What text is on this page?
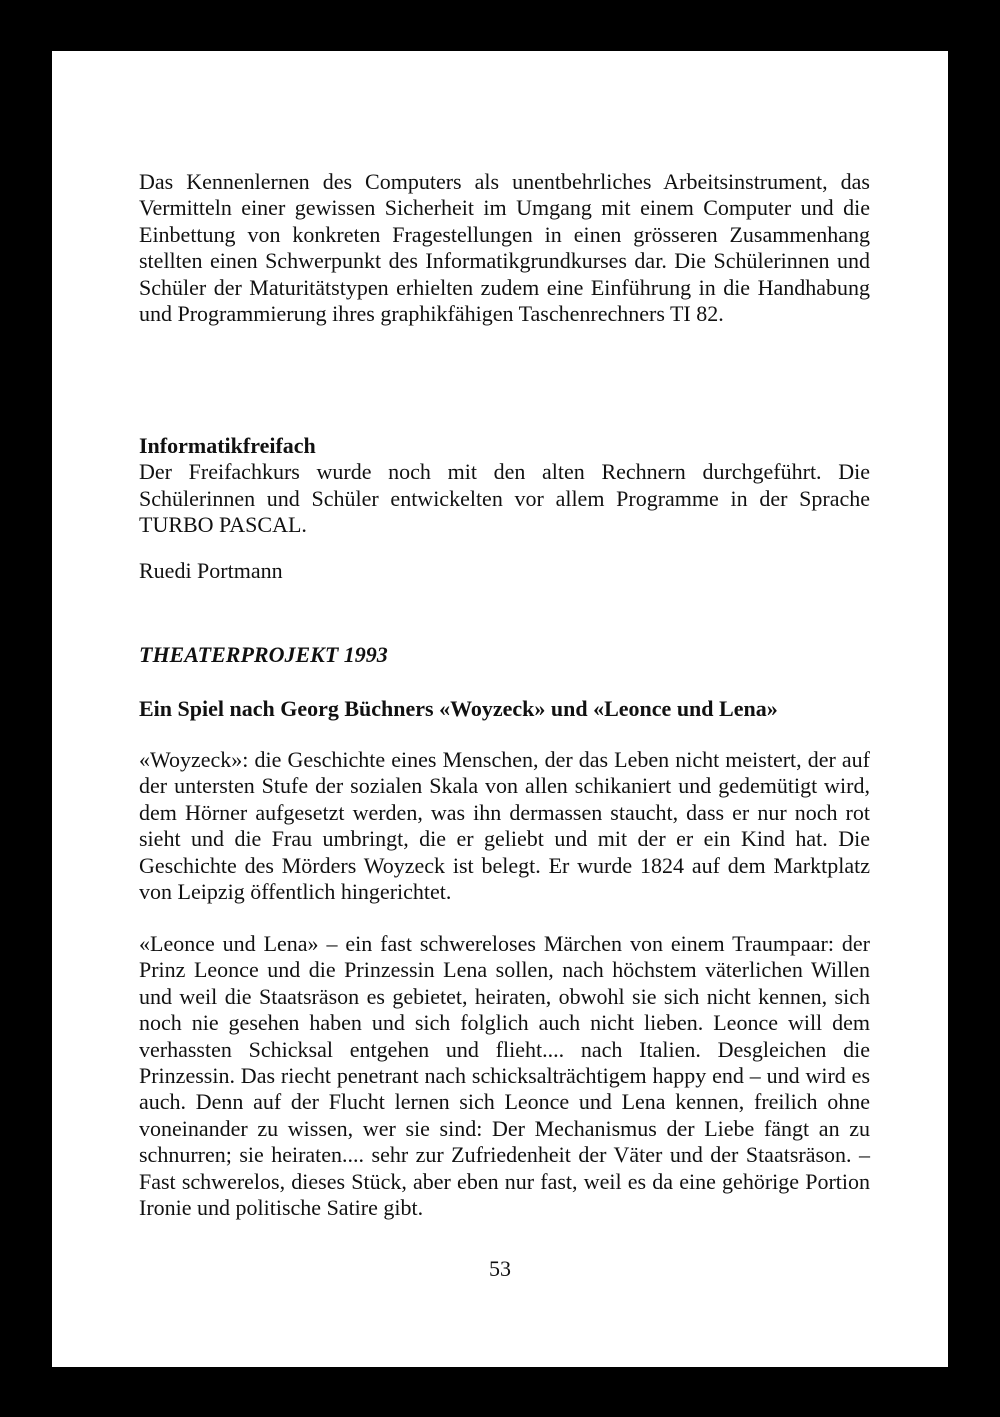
Das Kennenlernen des Computers als unentbehrliches Arbeitsinstrument, das Vermitteln einer gewissen Sicherheit im Umgang mit einem Computer und die Einbettung von konkreten Fragestellungen in einen grösseren Zusammenhang stellten einen Schwerpunkt des Informatikgrundkurses dar. Die Schülerinnen und Schüler der Maturitätstypen erhielten zudem eine Einführung in die Handhabung und Programmierung ihres graphikfähigen Taschenrechners TI 82.

Informatikfreifach

Der Freifachkurs wurde noch mit den alten Rechnern durchgeführt. Die Schülerinnen und Schüler entwickelten vor allem Programme in der Sprache TURBO PASCAL.

Ruedi Portmann

THEATERPROJEKT 1993

Ein Spiel nach Georg Büchners «Woyzeck» und «Leonce und Lena»

«Woyzeck»: die Geschichte eines Menschen, der das Leben nicht meistert, der auf der untersten Stufe der sozialen Skala von allen schikaniert und gedemütigt wird, dem Hörner aufgesetzt werden, was ihn dermassen staucht, dass er nur noch rot sieht und die Frau umbringt, die er geliebt und mit der er ein Kind hat. Die Geschichte des Mörders Woyzeck ist belegt. Er wurde 1824 auf dem Marktplatz von Leipzig öffentlich hingerichtet.

«Leonce und Lena» – ein fast schwereloses Märchen von einem Traumpaar: der Prinz Leonce und die Prinzessin Lena sollen, nach höchstem väterlichen Willen und weil die Staatsräson es gebietet, heiraten, obwohl sie sich nicht kennen, sich noch nie gesehen haben und sich folglich auch nicht lieben. Leonce will dem verhassten Schicksal entgehen und flieht.... nach Italien. Desgleichen die Prinzessin. Das riecht penetrant nach schicksalträchtigem happy end – und wird es auch. Denn auf der Flucht lernen sich Leonce und Lena kennen, freilich ohne voneinander zu wissen, wer sie sind: Der Mechanismus der Liebe fängt an zu schnurren; sie heiraten.... sehr zur Zufriedenheit der Väter und der Staatsräson. – Fast schwerelos, dieses Stück, aber eben nur fast, weil es da eine gehörige Portion Ironie und politische Satire gibt.

53
